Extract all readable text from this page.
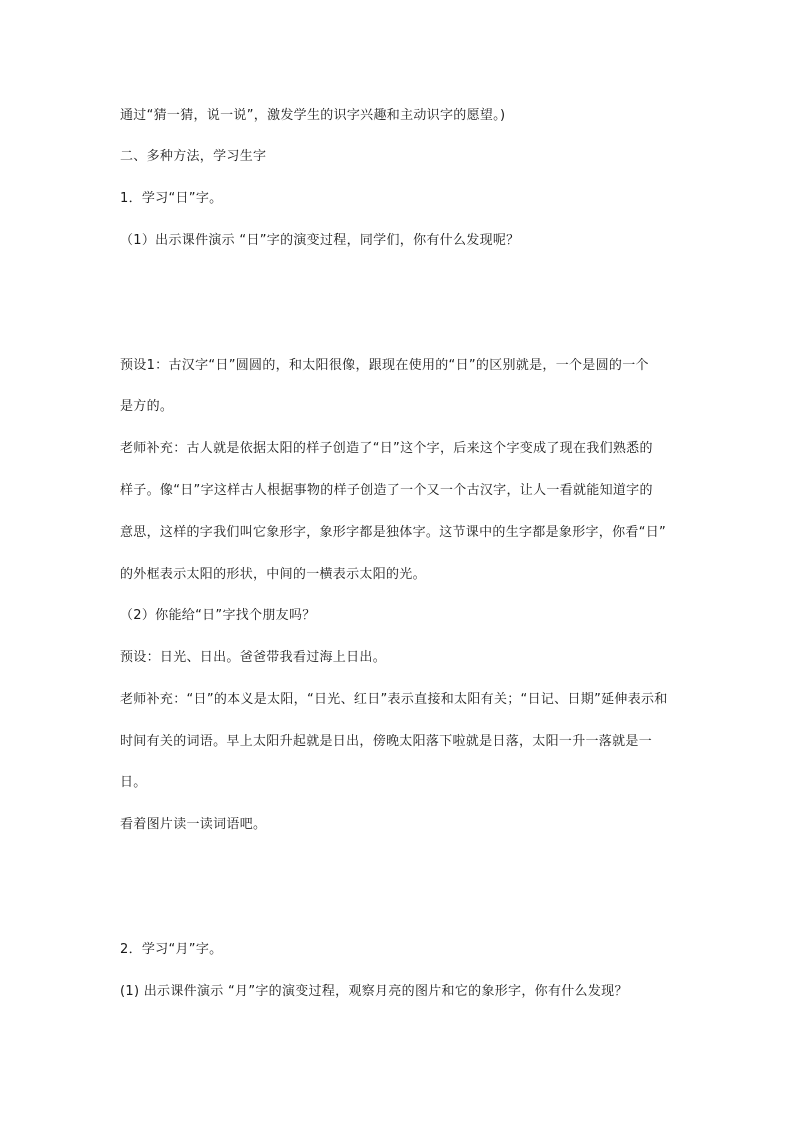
通过“猜一猜，说一说”，激发学生的识字兴趣和主动识字的愿望。)
二、多种方法，学习生字
1．学习“日”字。
（1）出示课件演示 “日”字的演变过程，同学们，你有什么发现呢？
预设1：古汉字“日”圆圆的，和太阳很像，跟现在使用的“日”的区别就是，一个是圆的一个
是方的。
老师补充：古人就是依据太阳的样子创造了“日”这个字，后来这个字变成了现在我们熟悉的
样子。像“日”字这样古人根据事物的样子创造了一个又一个古汉字，让人一看就能知道字的
意思，这样的字我们叫它象形字，象形字都是独体字。这节课中的生字都是象形字，你看“日”
的外框表示太阳的形状，中间的一横表示太阳的光。
（2）你能给“日”字找个朋友吗？
预设：日光、日出。爸爸带我看过海上日出。
老师补充：“日”的本义是太阳，“日光、红日”表示直接和太阳有关；“日记、日期”延伸表示和
时间有关的词语。早上太阳升起就是日出，傍晚太阳落下啦就是日落，太阳一升一落就是一
日。
看着图片读一读词语吧。
2．学习“月”字。
(1) 出示课件演示 “月”字的演变过程，观察月亮的图片和它的象形字，你有什么发现？
